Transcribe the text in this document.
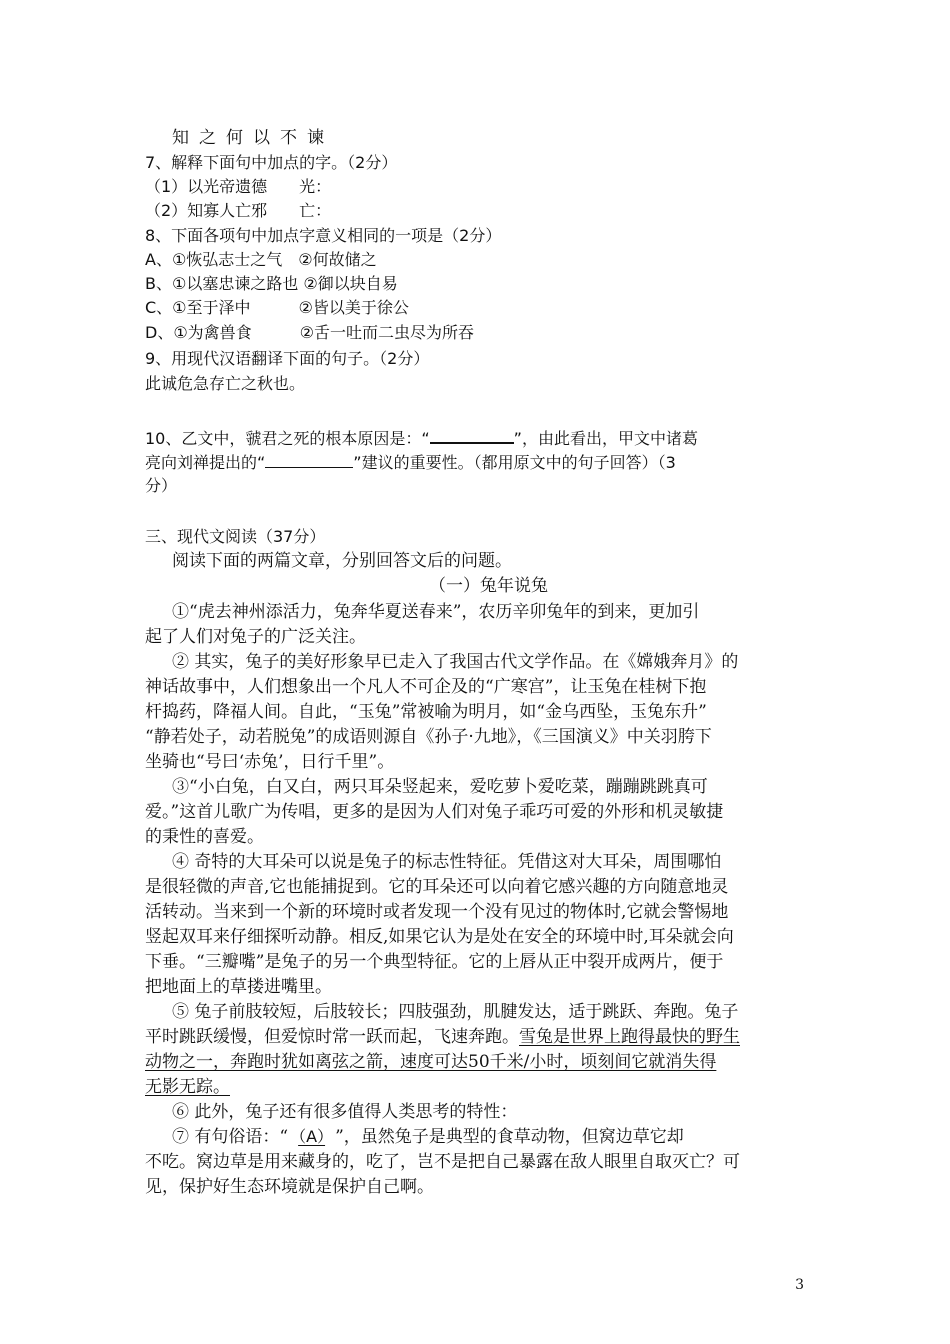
知之何以不谏
7、解释下面句中加点的字。（2分）
（1）以光帝遗德　　光：
（2）知寡人亡邪　　亡：
8、下面各项句中加点字意义相同的一项是（2分）
A、①恢弘志士之气　②何故储之
B、①以塞忠谏之路也 ②御以块自易
C、①至于泽中　　　②皆以美于徐公
D、①为禽兽食　　　②舌一吐而二虫尽为所吞
9、用现代汉语翻译下面的句子。（2分）
此诚危急存亡之秋也。
10、乙文中，虢君之死的根本原因是：“	”，由此看出，甲文中诸葛
亮向刘禅提出的“	”建议的重要性。（都用原文中的句子回答）（3
分）
三、现代文阅读（37分）
阅读下面的两篇文章，分别回答文后的问题。
（一）兔年说兔
①“虎去神州添活力，兔奔华夏送春来”，农历辛卯兔年的到来，更加引
起了人们对兔子的广泛关注。
② 其实，兔子的美好形象早已走入了我国古代文学作品。在《嫦娥奔月》的
神话故事中，人们想象出一个凡人不可企及的“广寒宫”，让玉兔在桂树下抱
杆捣药，降福人间。自此，“玉兔”常被喻为明月，如“金乌西坠，玉兔东升”
“静若处子，动若脱兔”的成语则源自《孙子·九地》，《三国演义》中关羽胯下
坐骑也“号曰‘赤兔’，日行千里”。
③“小白兔，白又白，两只耳朵竖起来，爱吃萝卜爱吃菜，蹦蹦跳跳真可
爱。”这首儿歌广为传唱，更多的是因为人们对兔子乖巧可爱的外形和机灵敏捷
的秉性的喜爱。
④ 奇特的大耳朵可以说是兔子的标志性特征。凭借这对大耳朵，周围哪怕
是很轻微的声音,它也能捕捉到。它的耳朵还可以向着它感兴趣的方向随意地灵
活转动。当来到一个新的环境时或者发现一个没有见过的物体时,它就会警惕地
竖起双耳来仔细探听动静。相反,如果它认为是处在安全的环境中时,耳朵就会向
下垂。“三瓣嘴”是兔子的另一个典型特征。它的上唇从正中裂开成两片，便于
把地面上的草搂进嘴里。
⑤ 兔子前肢较短，后肢较长；四肢强劲，肌腱发达，适于跳跃、奔跑。兔子
平时跳跃缓慢，但爱惊时常一跃而起，飞速奔跑。雪兔是世界上跑得最快的野生
动物之一，奔跑时犹如离弦之箭，速度可达50千米/小时，顷刻间它就消失得
无影无踪。
⑥ 此外，兔子还有很多值得人类思考的特性：
⑦ 有句俗语：“ （A） ”，虽然兔子是典型的食草动物，但窝边草它却
不吃。窝边草是用来藏身的，吃了，岂不是把自己暴露在敌人眼里自取灭亡？可
见，保护好生态环境就是保护自己啊。
3
